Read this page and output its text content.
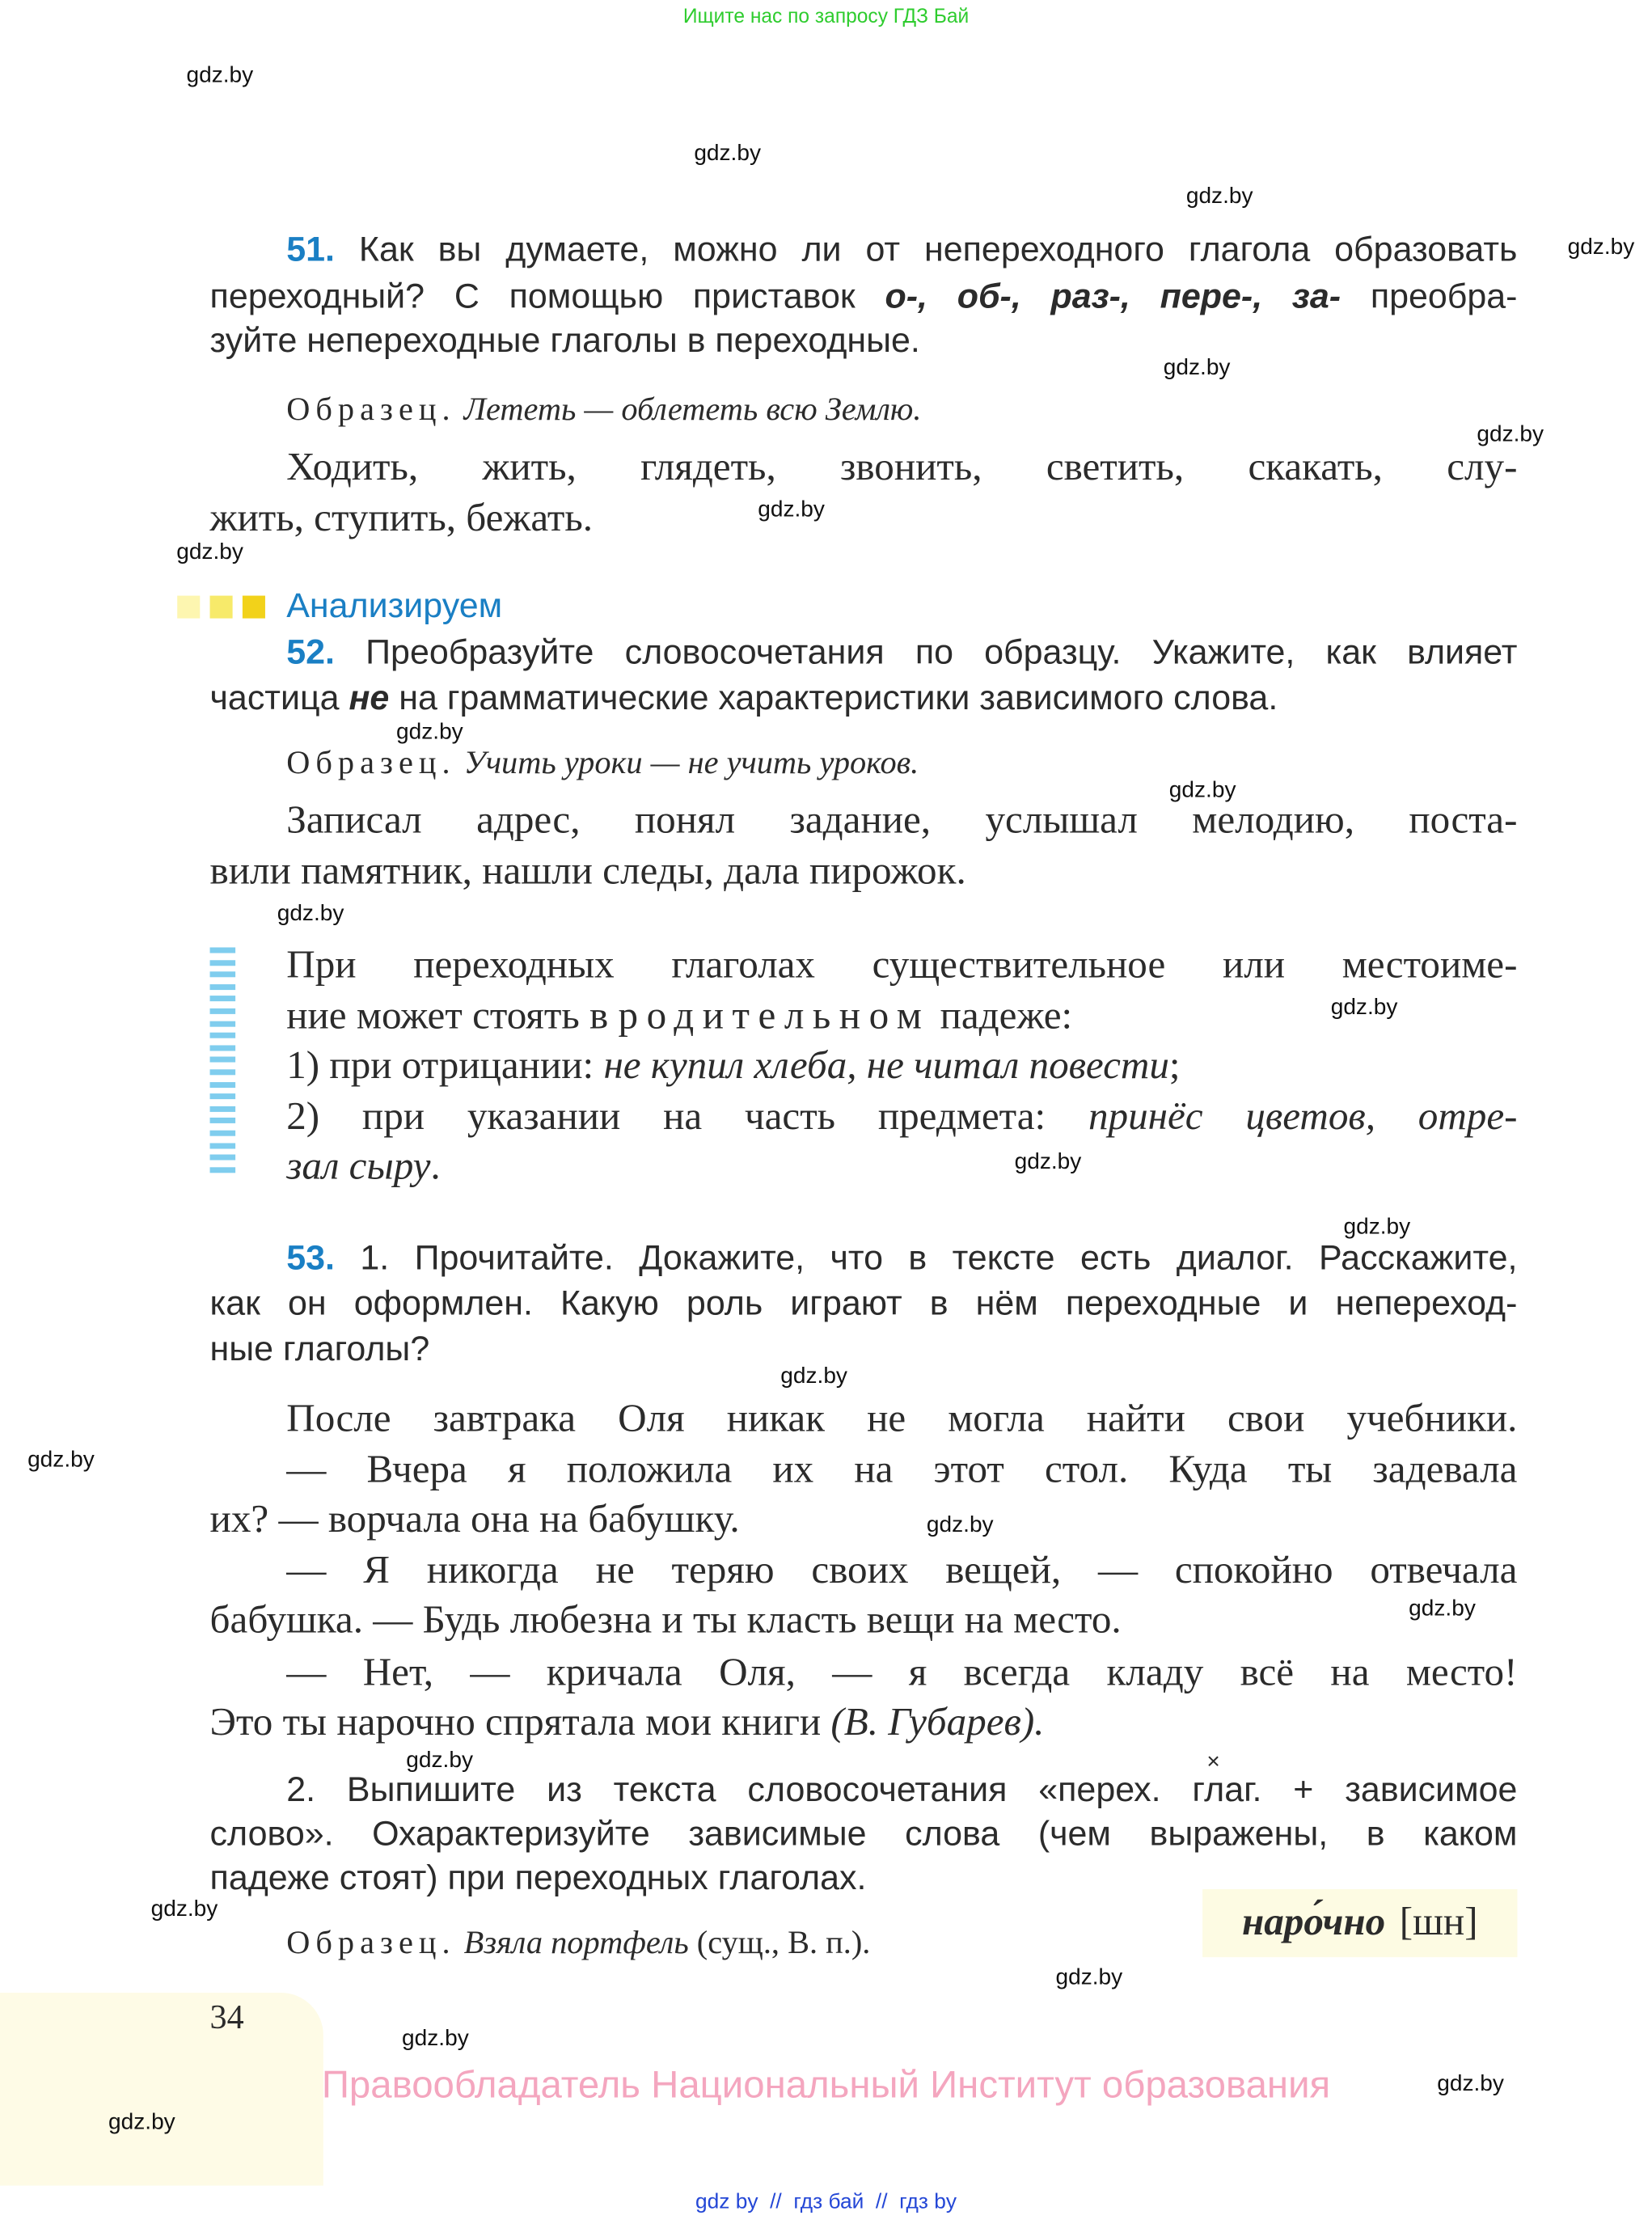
Ищите нас по запросу ГДЗ Бай
51. Как вы думаете, можно ли от непереходного глагола образовать
переходный? С помощью приставок о-, об-, раз-, пере-, за- преобра-
зуйте непереходные глаголы в переходные.
Образец. Лететь — облететь всю Землю.
Ходить, жить, глядеть, звонить, светить, скакать, слу-
жить, ступить, бежать.
Анализируем
52. Преобразуйте словосочетания по образцу. Укажите, как влияет
частица не на грамматические характеристики зависимого слова.
Образец. Учить уроки — не учить уроков.
Записал адрес, понял задание, услышал мелодию, поста-
вили памятник, нашли следы, дала пирожок.
При переходных глаголах существительное или местоиме-
ние может стоять в родительном падеже:
1) при отрицании: не купил хлеба, не читал повести;
2) при указании на часть предмета: принёс цветов, отре-
зал сыру.
53. 1. Прочитайте. Докажите, что в тексте есть диалог. Расскажите,
как он оформлен. Какую роль играют в нём переходные и непереход-
ные глаголы?
После завтрака Оля никак не могла найти свои учебники.
— Вчера я положила их на этот стол. Куда ты задевала
их? — ворчала она на бабушку.
— Я никогда не теряю своих вещей, — спокойно отвечала
бабушка. — Будь любезна и ты класть вещи на место.
— Нет, — кричала Оля, — я всегда кладу всё на место!
Это ты нарочно спрятала мои книги (В. Губарев).
×
2. Выпишите из текста словосочетания «перех. глаг. + зависимое
слово». Охарактеризуйте зависимые слова (чем выражены, в каком
падеже стоят) при переходных глаголах.
Образец. Взяла портфель (сущ., В. п.).	наро́чно [шн]
34
Правообладатель Национальный Институт образования
gdz by  //  гдз бай  //  гдз by
gdz.by
gdz.by
gdz.by
gdz.by
gdz.by
gdz.by
gdz.by
gdz.by
gdz.by
gdz.by
gdz.by
gdz.by
gdz.by
gdz.by
gdz.by
gdz.by
gdz.by
gdz.by
gdz.by
gdz.by
gdz.by
gdz.by
gdz.by
gdz.by
